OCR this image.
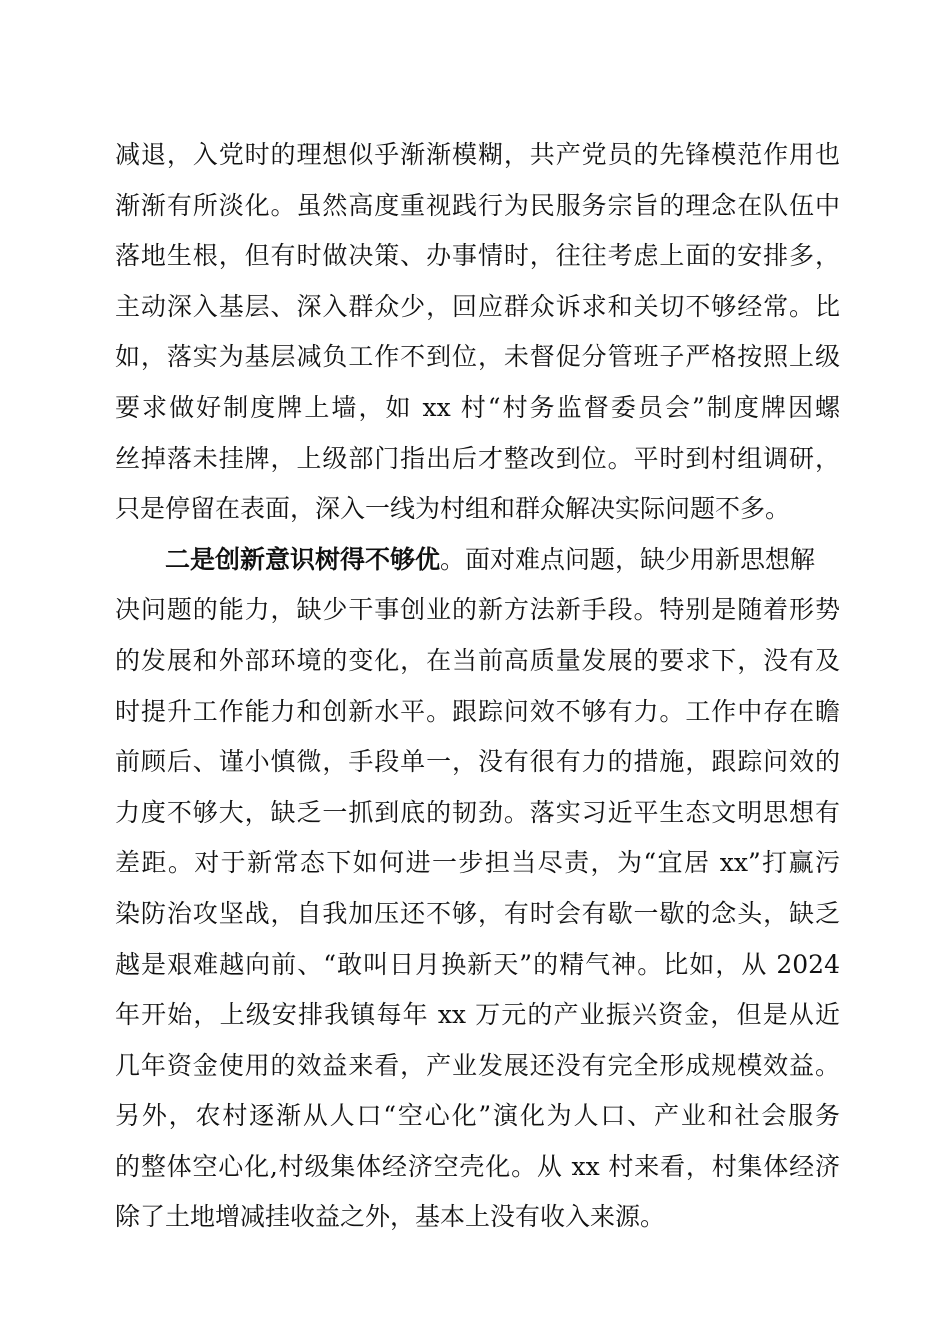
减退，入党时的理想似乎渐渐模糊，共产党员的先锋模范作用也
渐渐有所淡化。虽然高度重视践行为民服务宗旨的理念在队伍中
落地生根，但有时做决策、办事情时，往往考虑上面的安排多，
主动深入基层、深入群众少，回应群众诉求和关切不够经常。比
如，落实为基层减负工作不到位，未督促分管班子严格按照上级
要求做好制度牌上墙，如 xx 村“村务监督委员会”制度牌因螺
丝掉落未挂牌，上级部门指出后才整改到位。平时到村组调研，
只是停留在表面，深入一线为村组和群众解决实际问题不多。
二是创新意识树得不够优。面对难点问题，缺少用新思想解
决问题的能力，缺少干事创业的新方法新手段。特别是随着形势
的发展和外部环境的变化，在当前高质量发展的要求下，没有及
时提升工作能力和创新水平。跟踪问效不够有力。工作中存在瞻
前顾后、谨小慎微，手段单一，没有很有力的措施，跟踪问效的
力度不够大，缺乏一抓到底的韧劲。落实习近平生态文明思想有
差距。对于新常态下如何进一步担当尽责，为“宜居 xx”打赢污
染防治攻坚战，自我加压还不够，有时会有歇一歇的念头，缺乏
越是艰难越向前、“敢叫日月换新天”的精气神。比如，从 2024
年开始，上级安排我镇每年 xx 万元的产业振兴资金，但是从近
几年资金使用的效益来看，产业发展还没有完全形成规模效益。
另外，农村逐渐从人口“空心化”演化为人口、产业和社会服务
的整体空心化,村级集体经济空壳化。从 xx 村来看，村集体经济
除了土地增减挂收益之外，基本上没有收入来源。
